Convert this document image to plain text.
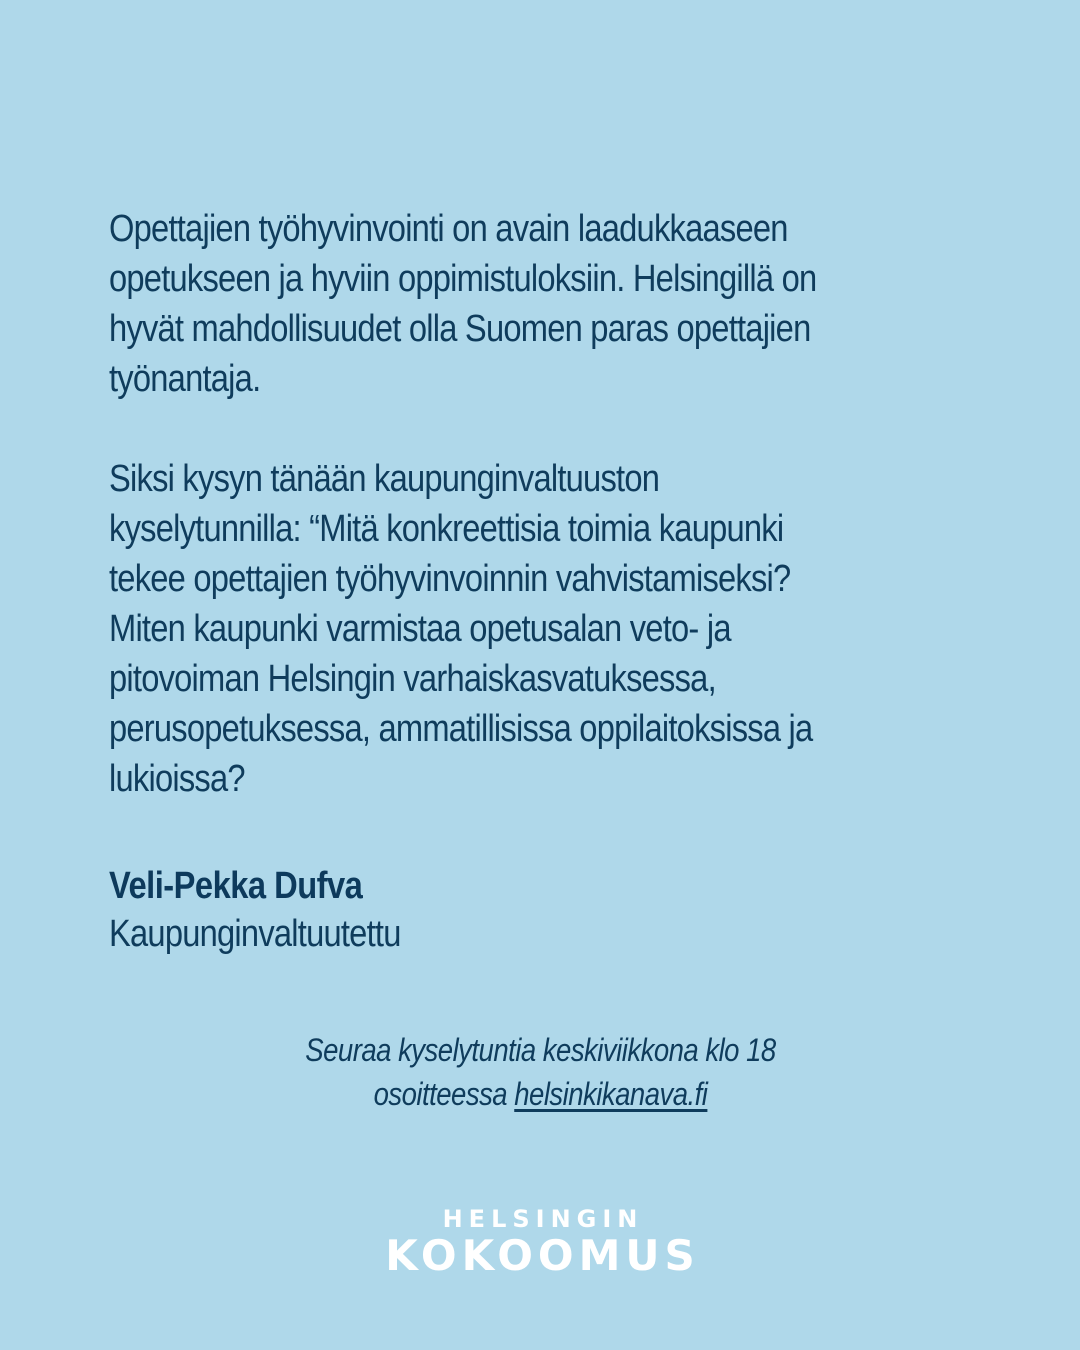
Opettajien työhyvinvointi on avain laadukkaaseen
opetukseen ja hyviin oppimistuloksiin. Helsingillä on
hyvät mahdollisuudet olla Suomen paras opettajien
työnantaja.

Siksi kysyn tänään kaupunginvaltuuston
kyselytunnilla: “Mitä konkreettisia toimia kaupunki
tekee opettajien työhyvinvoinnin vahvistamiseksi?
Miten kaupunki varmistaa opetusalan veto- ja
pitovoiman Helsingin varhaiskasvatuksessa,
perusopetuksessa, ammatillisissa oppilaitoksissa ja
lukioissa?

Veli-Pekka Dufva
Kaupunginvaltuutettu
Seuraa kyselytuntia keskiviikkona klo 18
osoitteessa helsinkikanava.fi
HELSINGIN
KOKOOMUS
